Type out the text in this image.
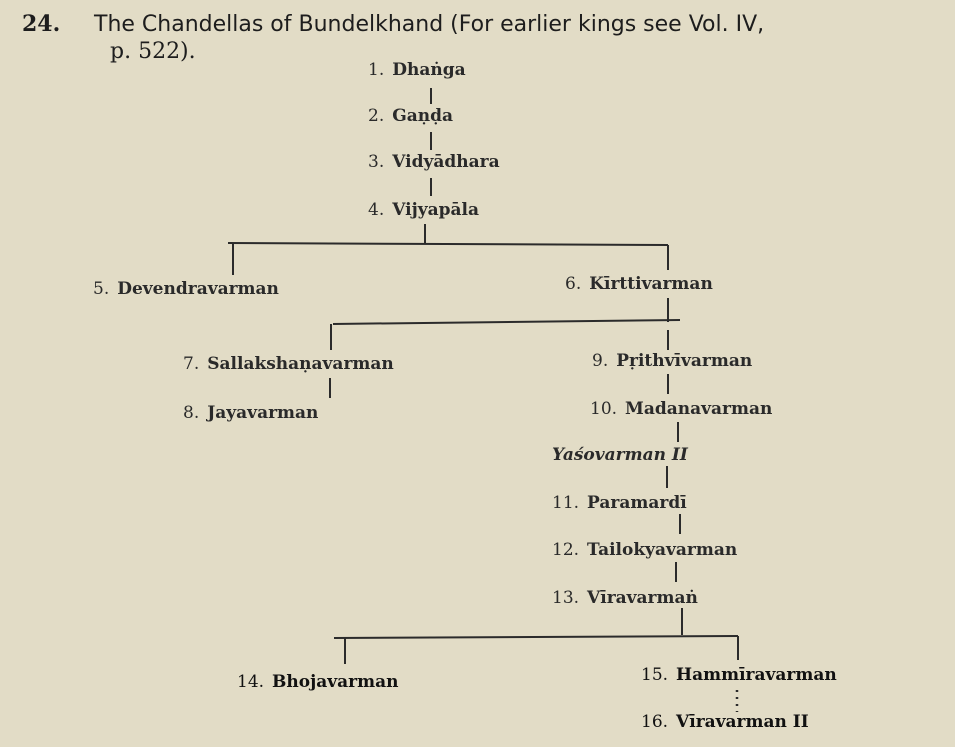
24. The Chandellas of Bundelkhand (For earlier kings see Vol. IV,
p. 522).
1. Dhaṅga
2. Gaṇḍa
3. Vidyādhara
4. Vijyapāla
5. Devendravarman	6. Kīrttivarman
7. Sallakshaṇavarman
8. Jayavarman
9. Pṛithvīvarman
10. Madanavarman
Yaśovarman II
11. Paramardī
12. Tailokyavarman
13. Vīravarmaṅ
14. Bhojavarman	15. Hammīravarman
16. Vīravarman II
